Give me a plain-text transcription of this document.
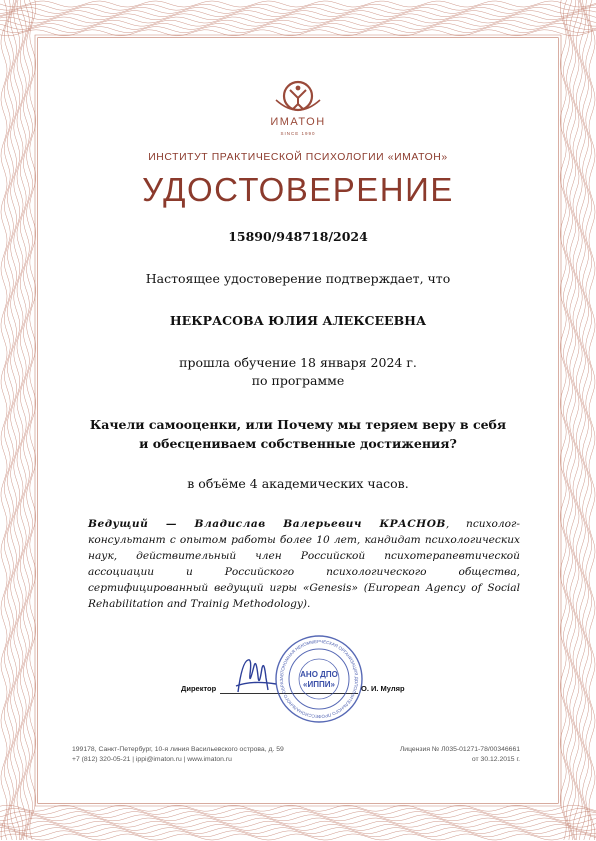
ИМАТОН
SINCE 1990
ИНСТИТУТ ПРАКТИЧЕСКОЙ ПСИХОЛОГИИ «ИМАТОН»
УДОСТОВЕРЕНИЕ
15890/948718/2024
Настоящее удостоверение подтверждает, что
НЕКРАСОВА ЮЛИЯ АЛЕКСЕЕВНА
прошла обучение 18 января 2024 г.
по программе
Качели самооценки, или Почему мы теряем веру в себя
и обесцениваем собственные достижения?
в объёме 4 академических часов.
Ведущий — Владислав Валерьевич КРАСНОВ, психолог-консультант с опытом работы более 10 лет, кандидат психологических наук, действительный член Российской психотерапевтической ассоциации и Российского психологического общества, сертифицированный ведущий игры «Genesis» (European Agency of Social Rehabilitation and Trainig Methodology).
Директор
АВТОНОМНАЯ НЕКОММЕРЧЕСКАЯ ОРГАНИЗАЦИЯ ДОПОЛНИТЕЛЬНОГО ПРОФЕССИОНАЛЬНОГО ОБРАЗ
АНО ДПО
«ИППИ»	О. И. Муляр
199178, Санкт-Петербург, 10-я линия Васильевского острова, д. 59
+7 (812) 320-05-21 | ippi@imaton.ru | www.imaton.ru
Лицензия № Л035-01271-78/00346661
от 30.12.2015 г.
